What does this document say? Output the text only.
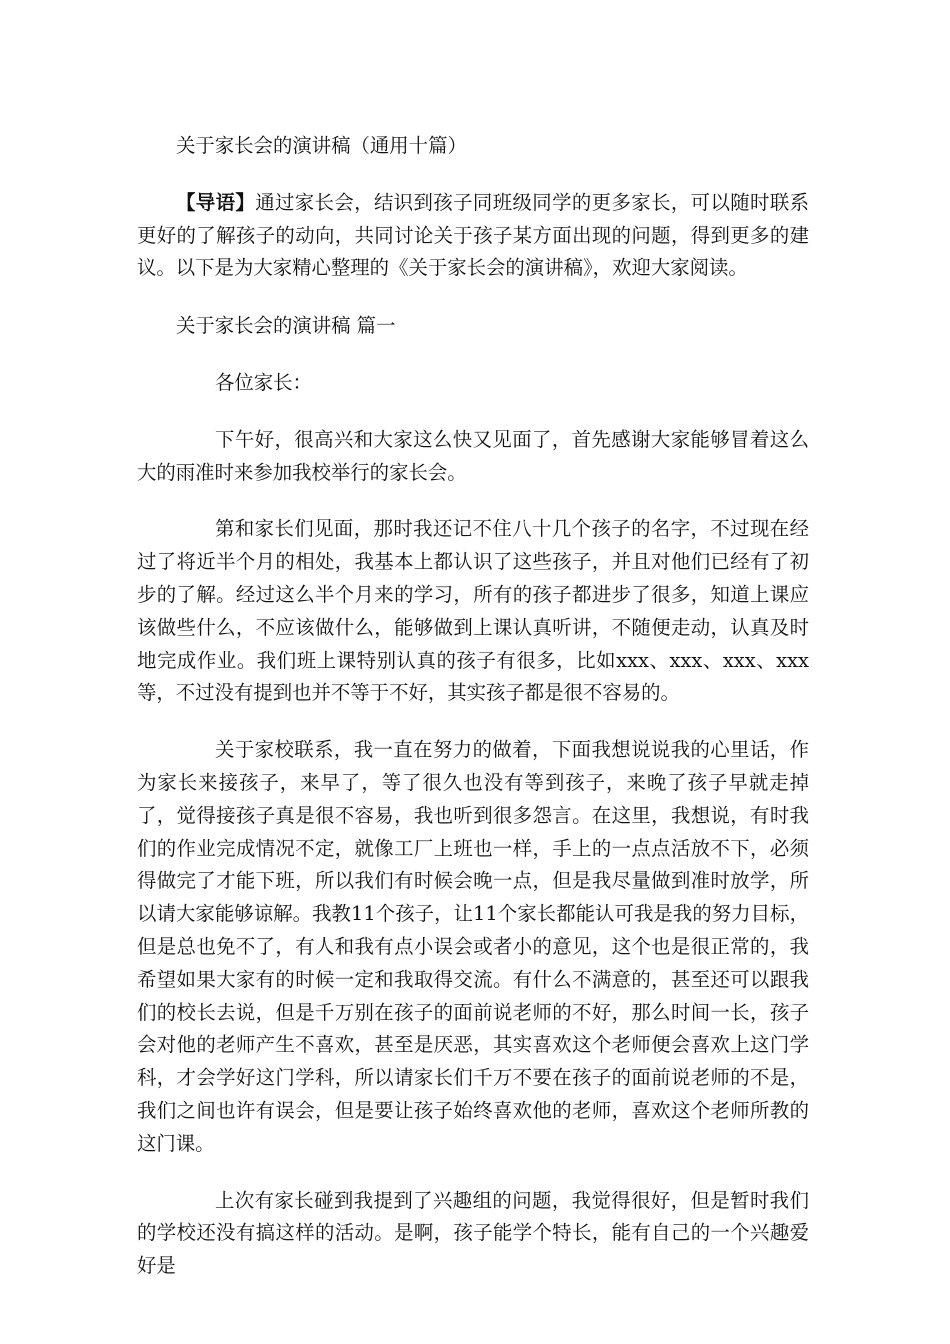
关于家长会的演讲稿（通用十篇）

【导语】通过家长会，结识到孩子同班级同学的更多家长，可以随时联系更好的了解孩子的动向，共同讨论关于孩子某方面出现的问题，得到更多的建议。以下是为大家精心整理的《关于家长会的演讲稿》，欢迎大家阅读。

关于家长会的演讲稿 篇一

各位家长：

下午好，很高兴和大家这么快又见面了，首先感谢大家能够冒着这么大的雨准时来参加我校举行的家长会。

第和家长们见面，那时我还记不住八十几个孩子的名字，不过现在经过了将近半个月的相处，我基本上都认识了这些孩子，并且对他们已经有了初步的了解。经过这么半个月来的学习，所有的孩子都进步了很多，知道上课应该做些什么，不应该做什么，能够做到上课认真听讲，不随便走动，认真及时地完成作业。我们班上课特别认真的孩子有很多，比如xxx、xxx、xxx、xxx等，不过没有提到也并不等于不好，其实孩子都是很不容易的。

关于家校联系，我一直在努力的做着，下面我想说说我的心里话，作为家长来接孩子，来早了，等了很久也没有等到孩子，来晚了孩子早就走掉了，觉得接孩子真是很不容易，我也听到很多怨言。在这里，我想说，有时我们的作业完成情况不定，就像工厂上班也一样，手上的一点点活放不下，必须得做完了才能下班，所以我们有时候会晚一点，但是我尽量做到准时放学，所以请大家能够谅解。我教11个孩子，让11个家长都能认可我是我的努力目标，但是总也免不了，有人和我有点小误会或者小的意见，这个也是很正常的，我希望如果大家有的时候一定和我取得交流。有什么不满意的，甚至还可以跟我们的校长去说，但是千万别在孩子的面前说老师的不好，那么时间一长，孩子会对他的老师产生不喜欢，甚至是厌恶，其实喜欢这个老师便会喜欢上这门学科，才会学好这门学科，所以请家长们千万不要在孩子的面前说老师的不是，我们之间也许有误会，但是要让孩子始终喜欢他的老师，喜欢这个老师所教的这门课。

上次有家长碰到我提到了兴趣组的问题，我觉得很好，但是暂时我们的学校还没有搞这样的活动。是啊，孩子能学个特长，能有自己的一个兴趣爱好是
